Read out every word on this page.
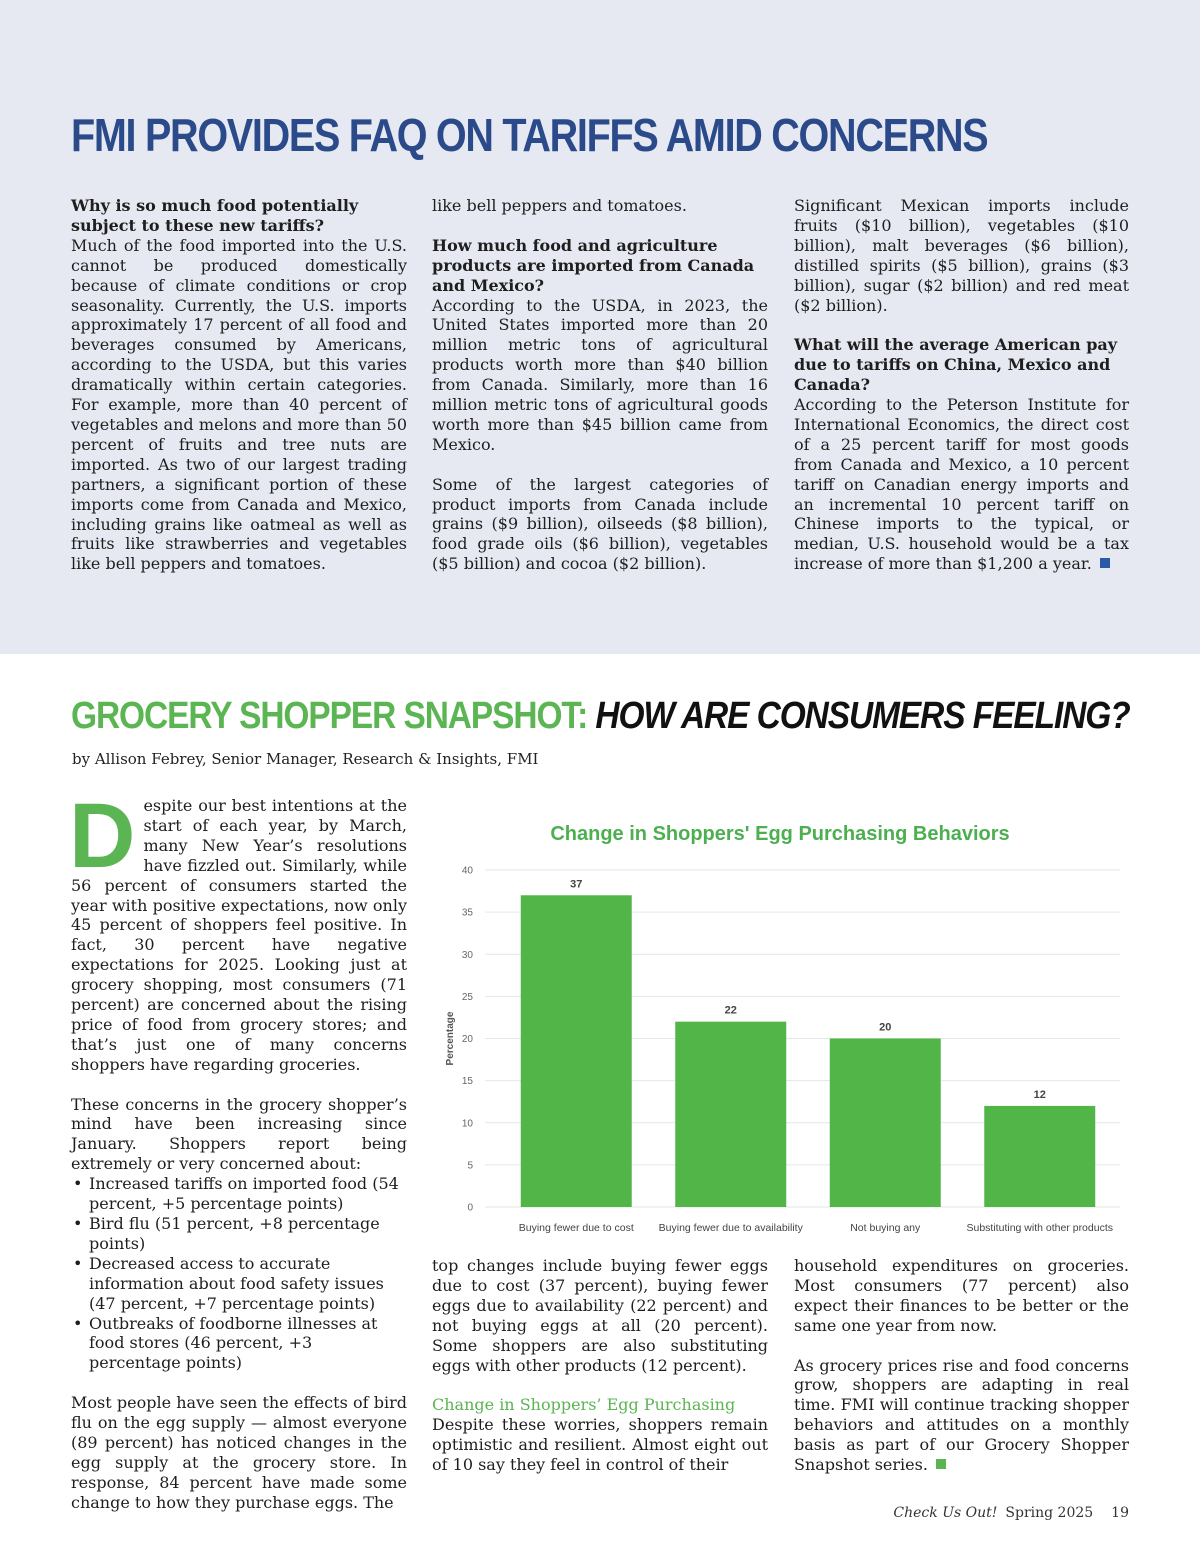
FMI PROVIDES FAQ ON TARIFFS AMID CONCERNS

Why is so much food potentially subject to these new tariffs?

Much of the food imported into the U.S. cannot be produced domestically because of climate conditions or crop seasonality. Currently, the U.S. imports approximately 17 percent of all food and beverages consumed by Americans, according to the USDA, but this varies dramatically within certain categories. For example, more than 40 percent of vegetables and melons and more than 50 percent of fruits and tree nuts are imported. As two of our largest trading partners, a significant portion of these imports come from Canada and Mexico, including grains like oatmeal as well as fruits like strawberries and vegetables like bell peppers and tomatoes.

like bell peppers and tomatoes.

How much food and agriculture products are imported from Canada and Mexico?

According to the USDA, in 2023, the United States imported more than 20 million metric tons of agricultural products worth more than $40 billion from Canada. Similarly, more than 16 million metric tons of agricultural goods worth more than $45 billion came from Mexico.

Some of the largest categories of product imports from Canada include grains ($9 billion), oilseeds ($8 billion), food grade oils ($6 billion), vegetables ($5 billion) and cocoa ($2 billion).

Significant Mexican imports include fruits ($10 billion), vegetables ($10 billion), malt beverages ($6 billion), distilled spirits ($5 billion), grains ($3 billion), sugar ($2 billion) and red meat ($2 billion).

What will the average American pay due to tariffs on China, Mexico and Canada?

According to the Peterson Institute for International Economics, the direct cost of a 25 percent tariff for most goods from Canada and Mexico, a 10 percent tariff on Canadian energy imports and an incremental 10 percent tariff on Chinese imports to the typical, or median, U.S. household would be a tax increase of more than $1,200 a year.

GROCERY SHOPPER SNAPSHOT: HOW ARE CONSUMERS FEELING?
by Allison Febrey, Senior Manager, Research & Insights, FMI

Despite our best intentions at the start of each year, by March, many New Year’s resolutions have fizzled out. Similarly, while 56 percent of consumers started the year with positive expectations, now only 45 percent of shoppers feel positive. In fact, 30 percent have negative expectations for 2025. Looking just at grocery shopping, most consumers (71 percent) are concerned about the rising price of food from grocery stores; and that’s just one of many concerns shoppers have regarding groceries.

These concerns in the grocery shopper’s mind have been increasing since January. Shoppers report being extremely or very concerned about:

• Increased tariffs on imported food (54 percent, +5 percentage points)
• Bird flu (51 percent, +8 percentage points)
• Decreased access to accurate information about food safety issues (47 percent, +7 percentage points)
• Outbreaks of foodborne illnesses at food stores (46 percent, +3 percentage points)

Most people have seen the effects of bird flu on the egg supply — almost everyone (89 percent) has noticed changes in the egg supply at the grocery store. In response, 84 percent have made some change to how they purchase eggs. The

Change in Shoppers' Egg Purchasing Behaviors
0
5
10
15
20
25
30
35
40
Percentage
37
Buying fewer due to cost
22
Buying fewer due to availability
20
Not buying any
12
Substituting with other products

top changes include buying fewer eggs due to cost (37 percent), buying fewer eggs due to availability (22 percent) and not buying eggs at all (20 percent). Some shoppers are also substituting eggs with other products (12 percent).

Change in Shoppers’ Egg Purchasing

Despite these worries, shoppers remain optimistic and resilient. Almost eight out of 10 say they feel in control of their

household expenditures on groceries. Most consumers (77 percent) also expect their finances to be better or the same one year from now.

As grocery prices rise and food concerns grow, shoppers are adapting in real time. FMI will continue tracking shopper behaviors and attitudes on a monthly basis as part of our Grocery Shopper Snapshot series.

Check Us Out! Spring 2025 19
